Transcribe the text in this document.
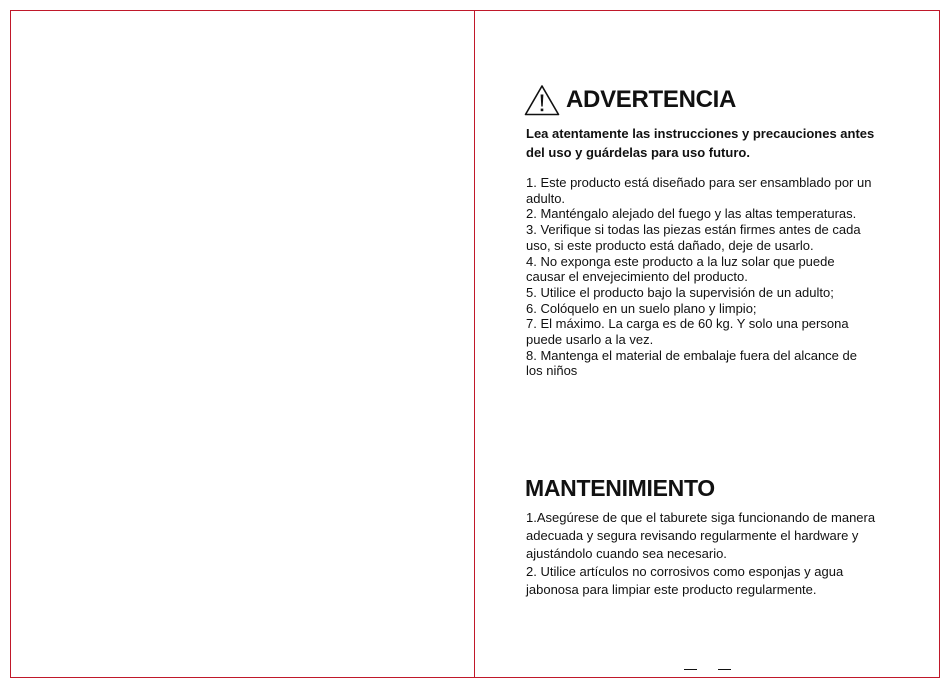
ADVERTENCIA
Lea atentamente las instrucciones y precauciones antes
del uso y guárdelas para uso futuro.
1. Este producto está diseñado para ser ensamblado por un
adulto.
2. Manténgalo alejado del fuego y las altas temperaturas.
3. Verifique si todas las piezas están firmes antes de cada
uso, si este producto está dañado, deje de usarlo.
4. No exponga este producto a la luz solar que puede
causar el envejecimiento del producto.
5. Utilice el producto bajo la supervisión de un adulto;
6. Colóquelo en un suelo plano y limpio;
7. El máximo. La carga es de 60 kg. Y solo una persona
puede usarlo a la vez.
8. Mantenga el material de embalaje fuera del alcance de
los niños
MANTENIMIENTO
1.Asegúrese de que el taburete siga funcionando de manera
adecuada y segura revisando regularmente el hardware y
ajustándolo cuando sea necesario.
2. Utilice artículos no corrosivos como esponjas y agua
jabonosa para limpiar este producto regularmente.
